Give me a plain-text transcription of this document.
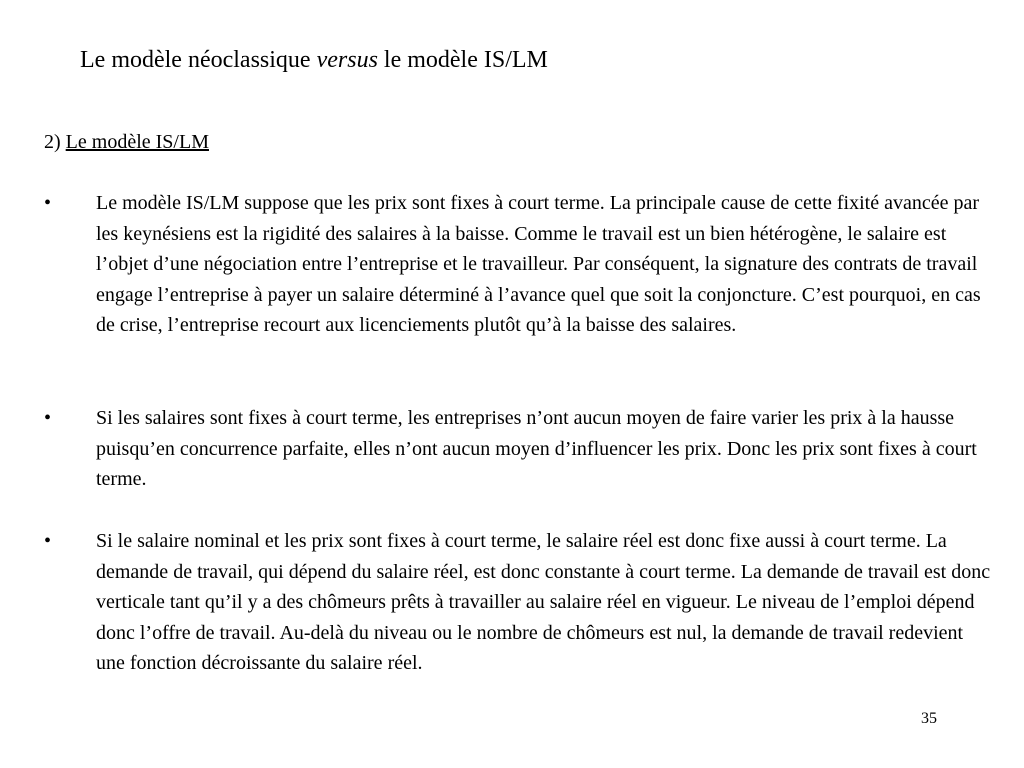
Le modèle néoclassique versus le modèle IS/LM
2) Le modèle IS/LM
• Le modèle IS/LM suppose que les prix sont fixes à court terme. La principale cause de cette fixité avancée par les keynésiens est la rigidité des salaires à la baisse. Comme le travail est un bien hétérogène, le salaire est l’objet d’une négociation entre l’entreprise et le travailleur. Par conséquent, la signature des contrats de travail engage l’entreprise à payer un salaire déterminé à l’avance quel que soit la conjoncture. C’est pourquoi, en cas de crise, l’entreprise recourt aux licenciements plutôt qu’à la baisse des salaires.
• Si les salaires sont fixes à court terme, les entreprises n’ont aucun moyen de faire varier les prix à la hausse puisqu’en concurrence parfaite, elles n’ont aucun moyen d’influencer les prix. Donc les prix sont fixes à court terme.
• Si le salaire nominal et les prix sont fixes à court terme, le salaire réel est donc fixe aussi à court terme. La demande de travail, qui dépend du salaire réel, est donc constante à court terme. La demande de travail est donc verticale tant qu’il y a des chômeurs prêts à travailler au salaire réel en vigueur. Le niveau de l’emploi dépend donc l’offre de travail. Au-delà du niveau ou le nombre de chômeurs est nul, la demande de travail redevient une fonction décroissante du salaire réel.
35
